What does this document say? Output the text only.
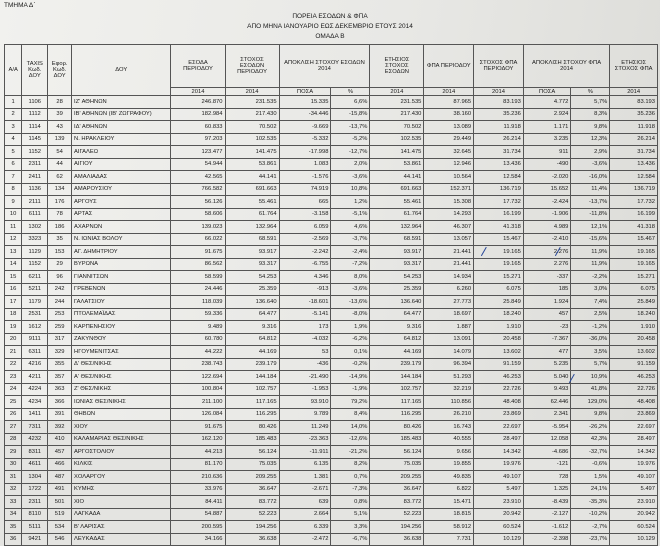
ΤΜΗΜΑ Δ΄
ΠΟΡΕΙΑ ΕΣΟΔΩΝ & ΦΠΑ
ΑΠΟ ΜΗΝΑ ΙΑΝΟΥΑΡΙΟ ΕΩΣ ΔΕΚΕΜΒΡΙΟ ΕΤΟΥΣ 2014
ΟΜΑΔΑ Β
Α/Α	TAXIS Κωδ. ΔΟΥ	Εφορ. Κωδ. ΔΟΥ	ΔΟΥ	ΕΣΟΔΑ ΠΕΡΙΟΔΟΥ	ΣΤΟΧΟΣ ΕΣΟΔΩΝ ΠΕΡΙΟΔΟΥ	ΑΠΟΚΛΙΣΗ ΣΤΟΧΟΥ ΕΣΟΔΩΝ 2014		ΕΤΗΣΙΟΣ ΣΤΟΧΟΣ ΕΣΟΔΩΝ	ΦΠΑ ΠΕΡΙΟΔΟΥ	ΣΤΟΧΟΣ ΦΠΑ ΠΕΡΙΟΔΟΥ	ΑΠΟΚΛΙΣΗ ΣΤΟΧΟΥ ΦΠΑ 2014		ΕΤΗΣΙΟΣ ΣΤΟΧΟΣ ΦΠΑ
				2014	2014	ΠΟΣΑ	%	2014	2014	2014	ΠΟΣΑ	%	2014
1	1106	28	ΙΖ' ΑΘΗΝΩΝ	246.870	231.535	15.335	6,6%	231.535	87.965	83.193	4.772	5,7%	83.193
2	1112	39	ΙΒ' ΑΘΗΝΩΝ (ΙΒ' ΖΩΓΡΑΦΟΥ)	182.984	217.430	-34.446	-15,8%	217.430	38.160	35.236	2.924	8,3%	35.236
3	1114	43	ΙΔ' ΑΘΗΝΩΝ	60.833	70.502	-9.669	-13,7%	70.502	13.089	11.918	1.171	9,8%	11.918
4	1145	139	Ν. ΗΡΑΚΛΕΙΟΥ	97.203	102.535	-5.332	-5,2%	102.535	29.449	26.214	3.235	12,3%	26.214
5	1152	54	ΑΙΓΑΛΕΩ	123.477	141.475	-17.998	-12,7%	141.475	32.645	31.734	911	2,9%	31.734
6	2311	44	ΑΙΓΙΟΥ	54.944	53.861	1.083	2,0%	53.861	12.946	13.436	-490	-3,6%	13.436
7	2411	62	ΑΜΑΛΙΑΔΑΣ	42.565	44.141	-1.576	-3,6%	44.141	10.564	12.584	-2.020	-16,0%	12.584
8	1136	134	ΑΜΑΡΟΥΣΙΟΥ	766.582	691.663	74.919	10,8%	691.663	152.371	136.719	15.652	11,4%	136.719
9	2111	176	ΑΡΓΟΥΣ	56.126	55.461	665	1,2%	55.461	15.308	17.732	-2.424	-13,7%	17.732
10	6111	78	ΑΡΤΑΣ	58.606	61.764	-3.158	-5,1%	61.764	14.293	16.199	-1.906	-11,8%	16.199
11	1302	186	ΑΧΑΡΝΩΝ	139.023	132.964	6.059	4,6%	132.964	46.307	41.318	4.989	12,1%	41.318
12	3323	35	Ν. ΙΩΝΙΑΣ ΒΟΛΟΥ	66.022	68.591	-2.569	-3,7%	68.591	13.057	15.467	-2.410	-15,6%	15.467
13	1129	153	ΑΓ. ΔΗΜΗΤΡΙΟΥ	91.675	93.917	-2.242	-2,4%	93.917	21.441	19.165	2.276	11,9%	19.165
14	1152	29	ΒΥΡΩΝΑ	86.562	93.317	-6.755	-7,2%	93.317	21.441	19.165	2.276	11,9%	19.165
15	6211	96	ΓΙΑΝΝΙΤΣΩΝ	58.599	54.253	4.346	8,0%	54.253	14.934	15.271	-337	-2,2%	15.271
16	5211	242	ΓΡΕΒΕΝΩΝ	24.446	25.359	-913	-3,6%	25.359	6.260	6.075	185	3,0%	6.075
17	1179	244	ΓΑΛΑΤΣΙΟΥ	118.039	136.640	-18.601	-13,6%	136.640	27.773	25.849	1.924	7,4%	25.849
18	2531	253	ΠΤΟΛΕΜΑΪΔΑΣ	59.336	64.477	-5.141	-8,0%	64.477	18.697	18.240	457	2,5%	18.240
19	1612	259	ΚΑΡΠΕΝΗΣΙΟΥ	9.489	9.316	173	1,9%	9.316	1.887	1.910	-23	-1,2%	1.910
20	9111	317	ΖΑΚΥΝΘΟΥ	60.780	64.812	-4.032	-6,2%	64.812	13.091	20.458	-7.367	-36,0%	20.458
21	6311	329	ΗΓΟΥΜΕΝΙΤΣΑΣ	44.222	44.169	53	0,1%	44.169	14.079	13.602	477	3,5%	13.602
22	4216	355	Δ' ΘΕΣ/ΝΙΚΗΣ	238.743	239.179	-436	-0,2%	239.179	96.394	91.159	5.235	5,7%	91.159
23	4211	357	Α' ΘΕΣ/ΝΙΚΗΣ	122.694	144.184	-21.490	-14,9%	144.184	51.293	46.253	5.040	10,9%	46.253
24	4224	363	Ζ' ΘΕΣ/ΝΙΚΗΣ	100.804	102.757	-1.953	-1,9%	102.757	32.219	22.726	9.493	41,8%	22.726
25	4234	366	ΙΩΝΙΑΣ ΘΕΣ/ΝΙΚΗΣ	211.100	117.165	93.910	79,2%	117.165	110.856	48.408	62.446	129,0%	48.408
26	1411	391	ΘΗΒΩΝ	126.084	116.295	9.789	8,4%	116.295	26.210	23.869	2.341	9,8%	23.869
27	7311	392	ΧΙΟΥ	91.675	80.426	11.249	14,0%	80.426	16.743	22.697	-5.954	-26,2%	22.697
28	4232	410	ΚΑΛΑΜΑΡΙΑΣ ΘΕΣ/ΝΙΚΗΣ	162.120	185.483	-23.363	-12,6%	185.483	40.555	28.497	12.058	42,3%	28.497
29	8311	457	ΑΡΓΟΣΤΟΛΙΟΥ	44.213	56.124	-11.911	-21,2%	56.124	9.656	14.342	-4.686	-32,7%	14.342
30	4611	466	ΚΙΛΚΙΣ	81.170	75.035	6.135	8,2%	75.035	19.855	19.976	-121	-0,6%	19.976
31	1304	487	ΧΟΛΑΡΓΟΥ	210.636	209.255	1.381	0,7%	209.255	49.835	49.107	728	1,5%	49.107
32	1722	491	ΚΥΜΗΣ	33.976	36.647	-2.671	-7,3%	36.647	6.822	5.497	1.325	24,1%	5.497
33	2311	501	ΧΙΟ	84.411	83.772	639	0,8%	83.772	15.471	23.910	-8.439	-35,3%	23.910
34	8110	519	ΛΑΓΚΑΔΑ	54.887	52.223	2.664	5,1%	52.223	18.815	20.942	-2.127	-10,2%	20.942
35	5111	534	Β' ΛΑΡΙΣΑΣ	200.595	194.256	6.339	3,3%	194.256	58.912	60.524	-1.612	-2,7%	60.524
36	9421	546	ΛΕΥΚΑΔΑΣ	34.166	36.638	-2.472	-6,7%	36.638	7.731	10.129	-2.398	-23,7%	10.129
